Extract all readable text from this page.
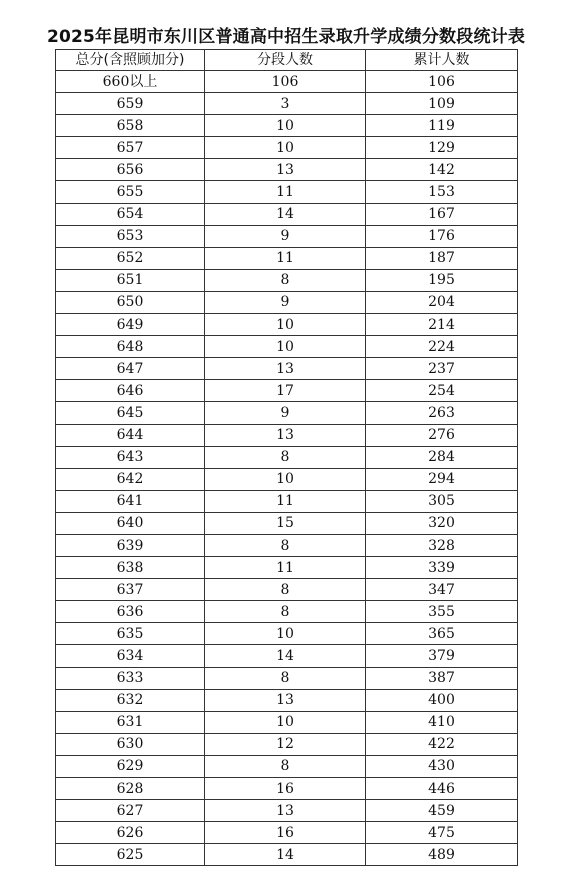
2025年昆明市东川区普通高中招生录取升学成绩分数段统计表
总分(含照顾加分)	分段人数	累计人数
660以上	106	106
659	3	109
658	10	119
657	10	129
656	13	142
655	11	153
654	14	167
653	9	176
652	11	187
651	8	195
650	9	204
649	10	214
648	10	224
647	13	237
646	17	254
645	9	263
644	13	276
643	8	284
642	10	294
641	11	305
640	15	320
639	8	328
638	11	339
637	8	347
636	8	355
635	10	365
634	14	379
633	8	387
632	13	400
631	10	410
630	12	422
629	8	430
628	16	446
627	13	459
626	16	475
625	14	489
